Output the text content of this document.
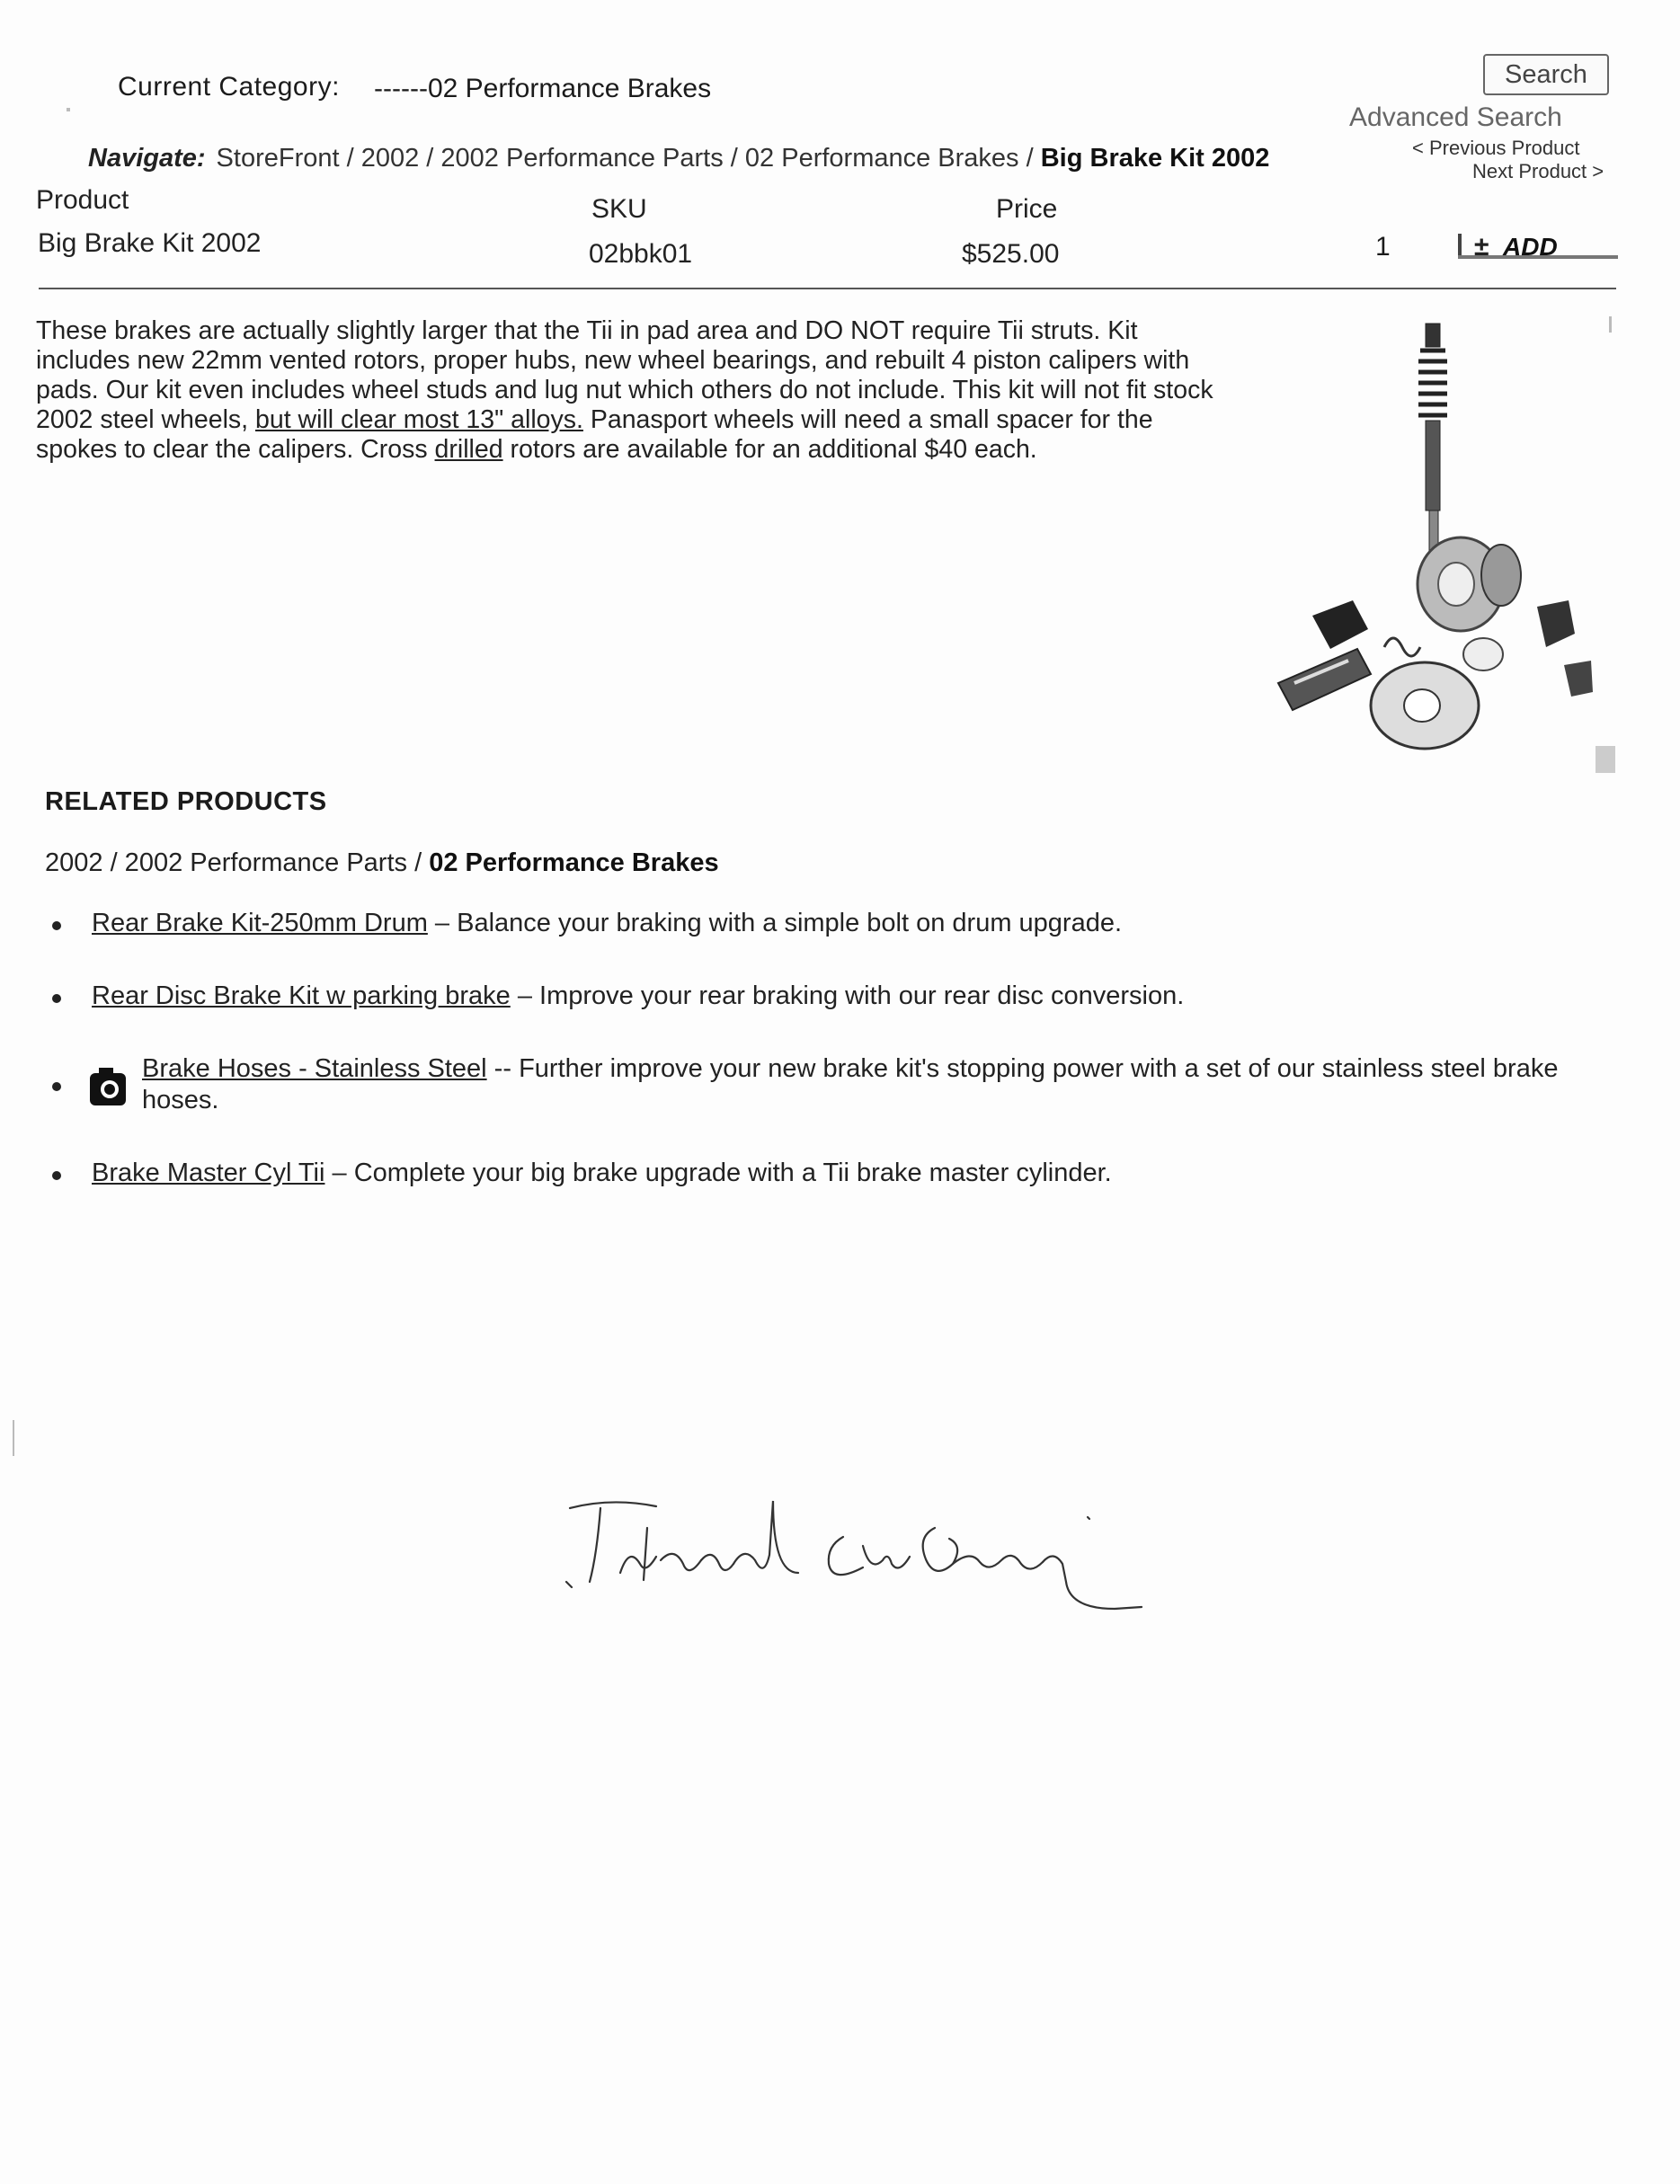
Current Category: ------02 Performance Brakes
Navigate: StoreFront / 2002 / 2002 Performance Parts / 02 Performance Brakes / Big Brake Kit 2002
Search
Advanced Search
< Previous Product
Next Product >
Product	SKU	Price
Big Brake Kit 2002	02bbk01	$525.00	1	± ADD
These brakes are actually slightly larger that the Tii in pad area and DO NOT require Tii struts. Kit includes new 22mm vented rotors, proper hubs, new wheel bearings, and rebuilt 4 piston calipers with pads. Our kit even includes wheel studs and lug nut which others do not include. This kit will not fit stock 2002 steel wheels, but will clear most 13" alloys. Panasport wheels will need a small spacer for the spokes to clear the calipers. Cross drilled rotors are available for an additional $40 each.
RELATED PRODUCTS
2002 / 2002 Performance Parts / 02 Performance Brakes
Rear Brake Kit-250mm Drum – Balance your braking with a simple bolt on drum upgrade.
Rear Disc Brake Kit w parking brake – Improve your rear braking with our rear disc conversion.
Brake Hoses - Stainless Steel -- Further improve your new brake kit's stopping power with a set of our stainless steel brake hoses.
Brake Master Cyl Tii – Complete your big brake upgrade with a Tii brake master cylinder.
